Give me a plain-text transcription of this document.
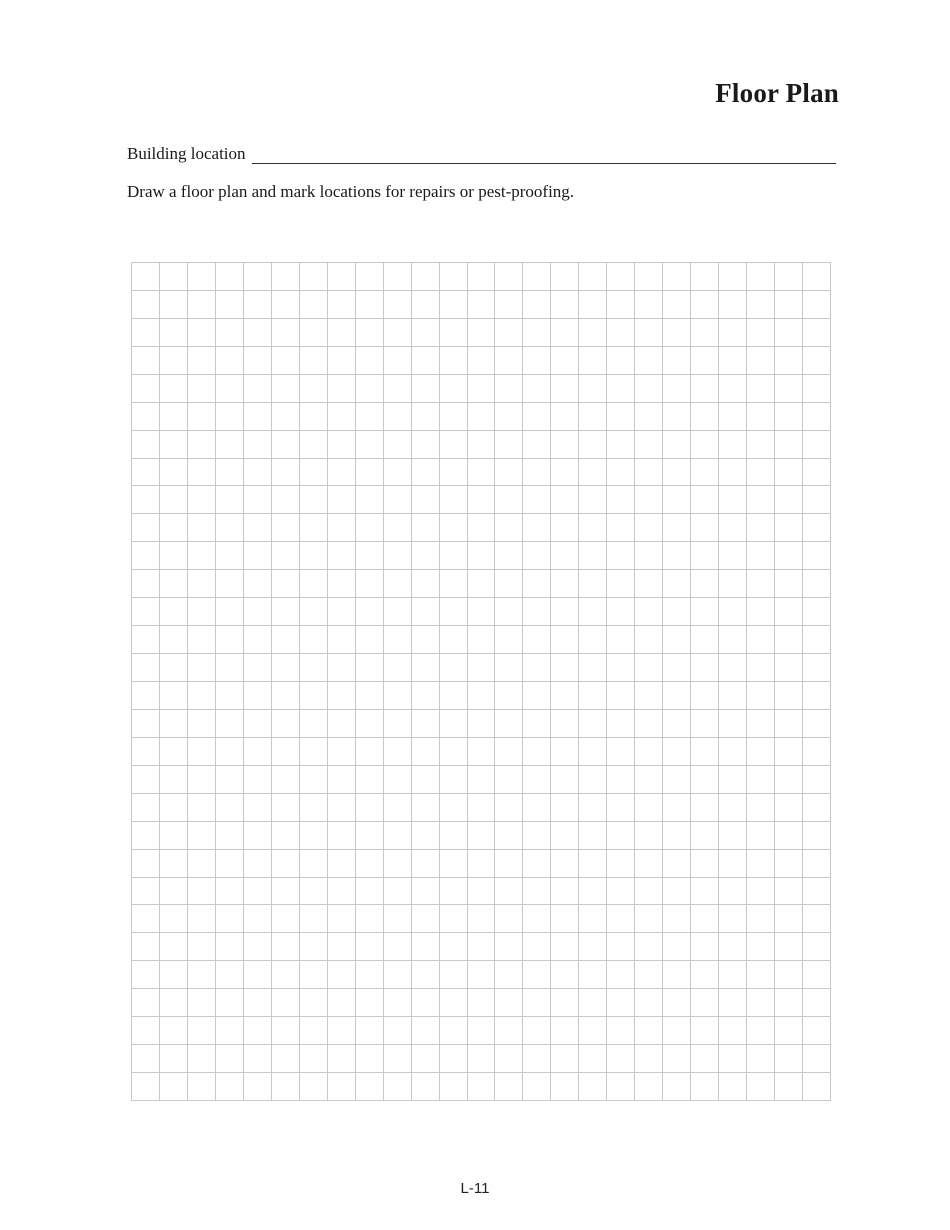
Floor Plan
Building location
Draw a floor plan and mark locations for repairs or pest-proofing.
L-11
